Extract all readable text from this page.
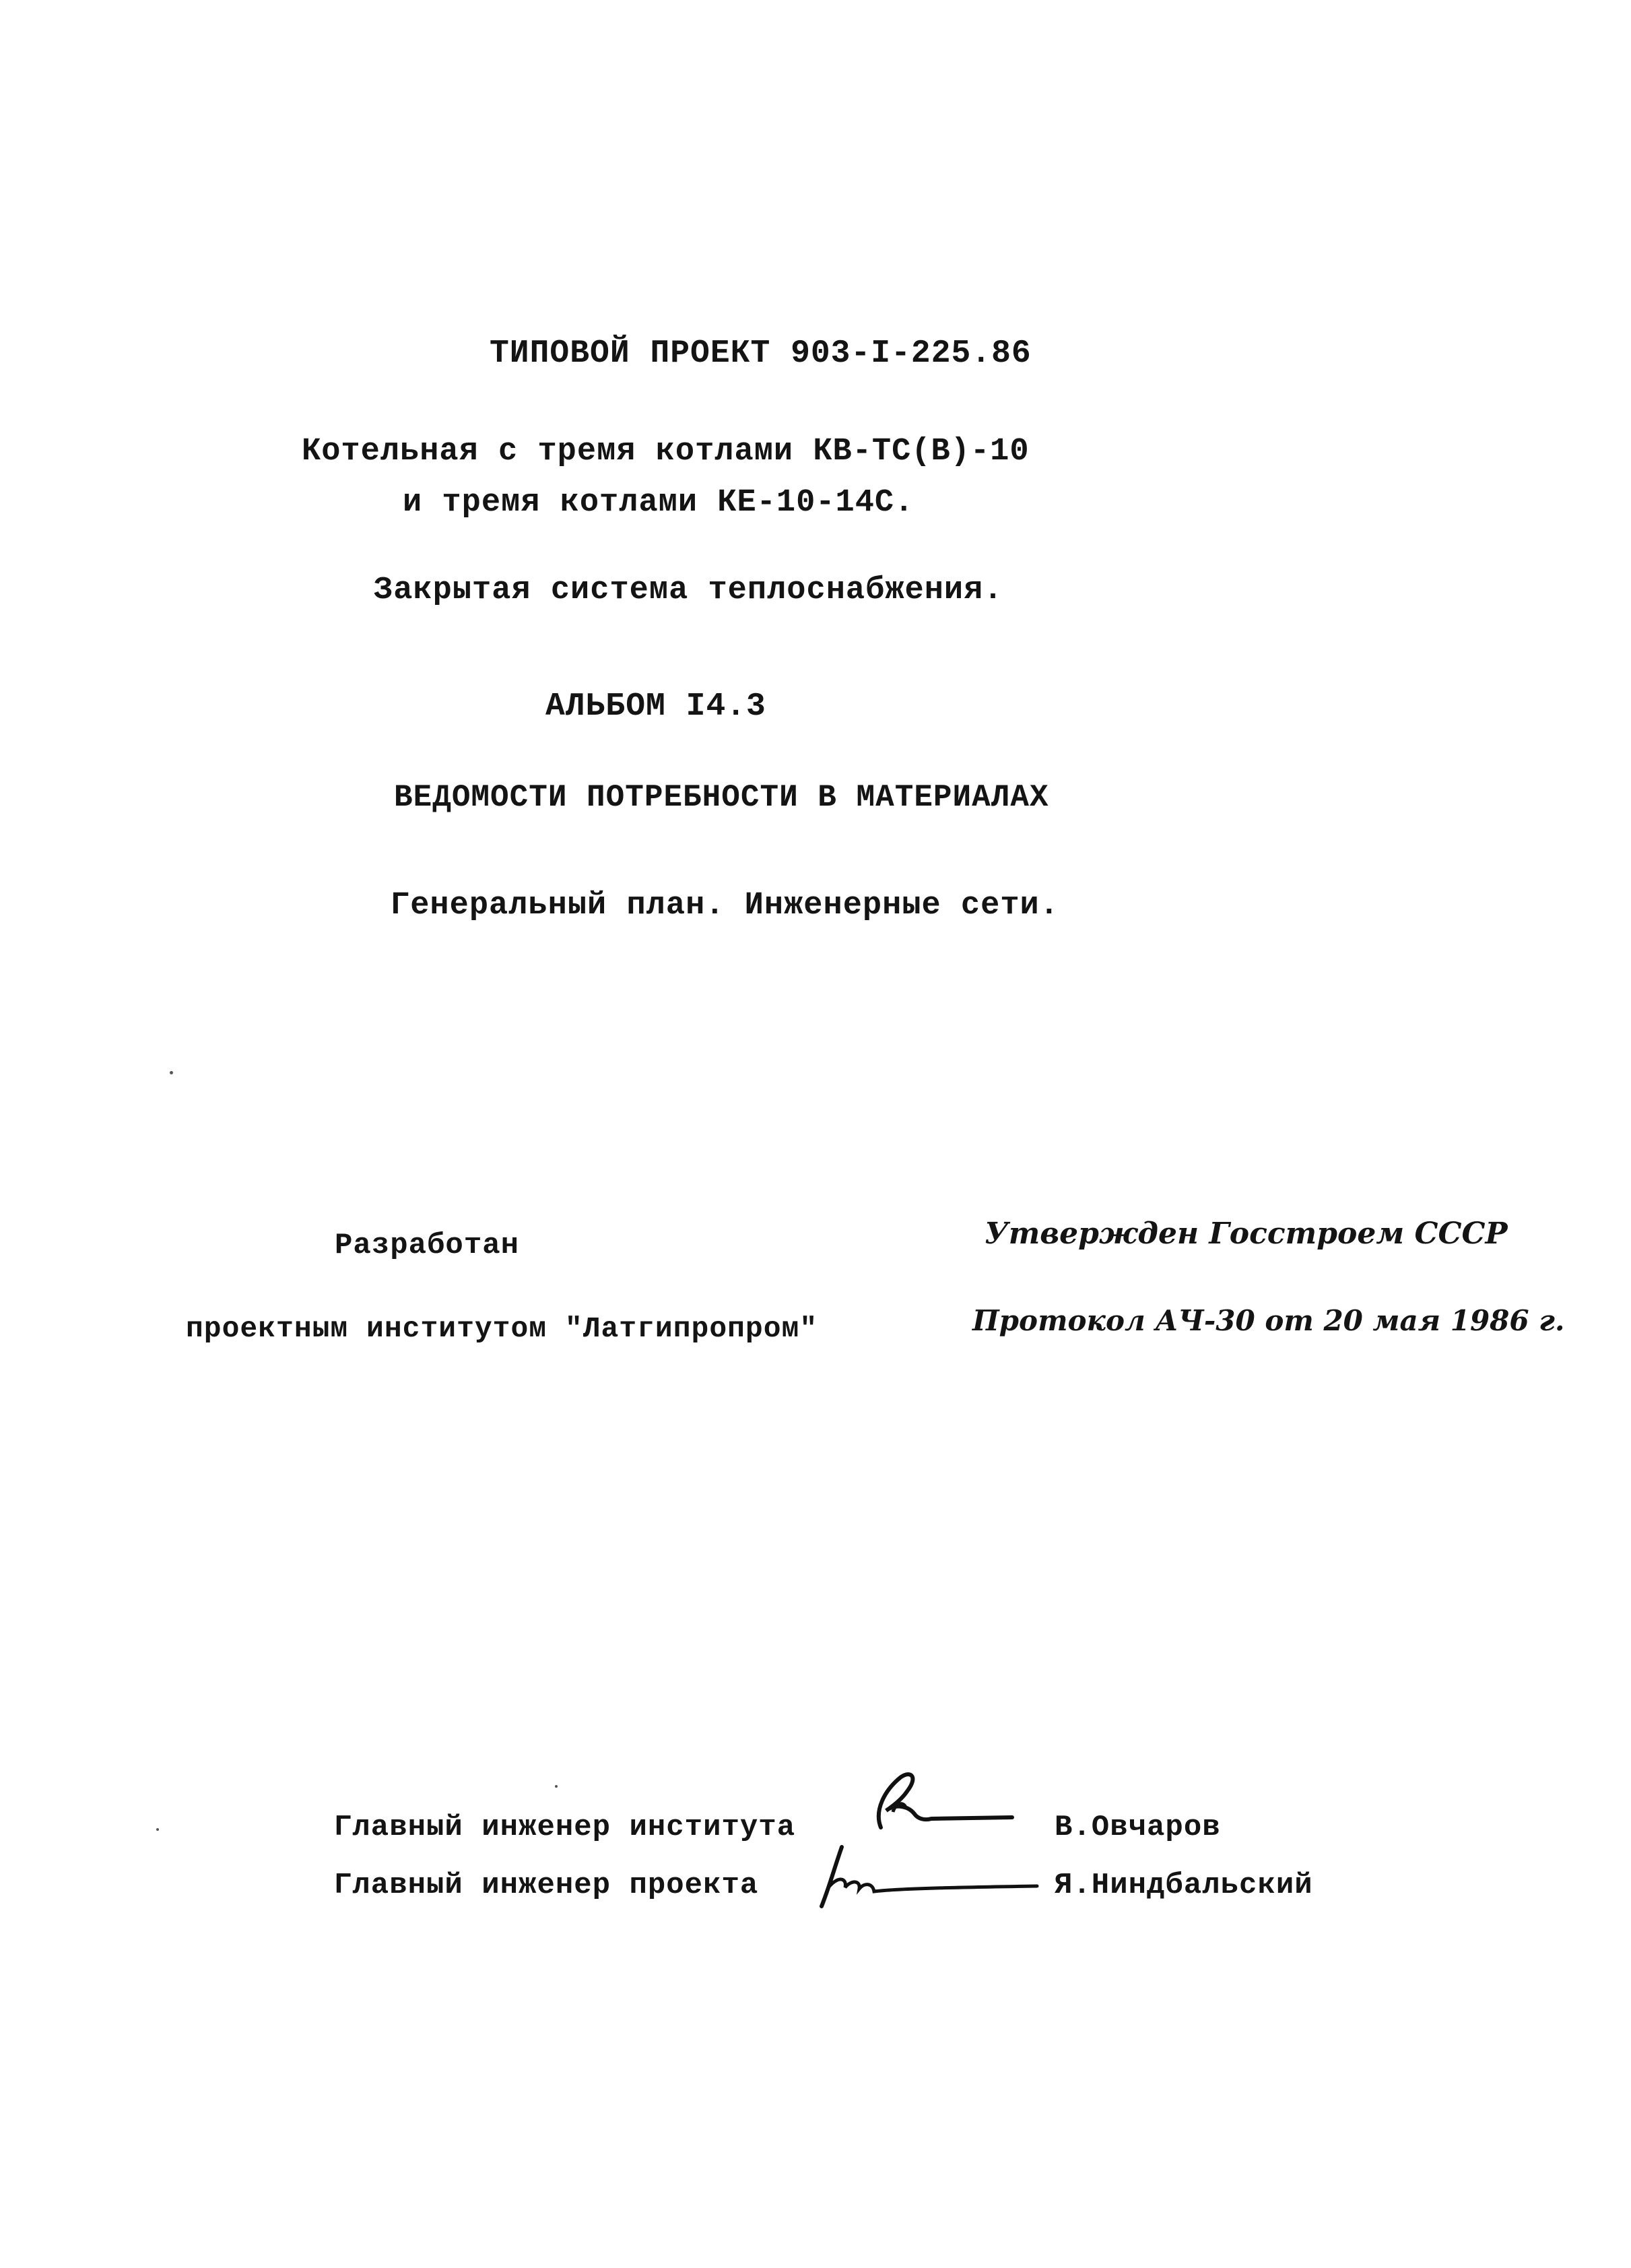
ТИПОВОЙ ПРОЕКТ 903-I-225.86
Котельная с тремя котлами КВ-ТС(В)-10
и тремя котлами КЕ-10-14С.
Закрытая система теплоснабжения.
АЛЬБОМ I4.3
ВЕДОМОСТИ ПОТРЕБНОСТИ В МАТЕРИАЛАХ
Генеральный план. Инженерные сети.
Разработан
проектным институтом "Латгипропром"
Утвержден Госстроем СССР
Протокол АЧ-30 от 20 мая 1986 г.
Главный инженер института	В.Овчаров
Главный инженер проекта	Я.Ниндбальский
